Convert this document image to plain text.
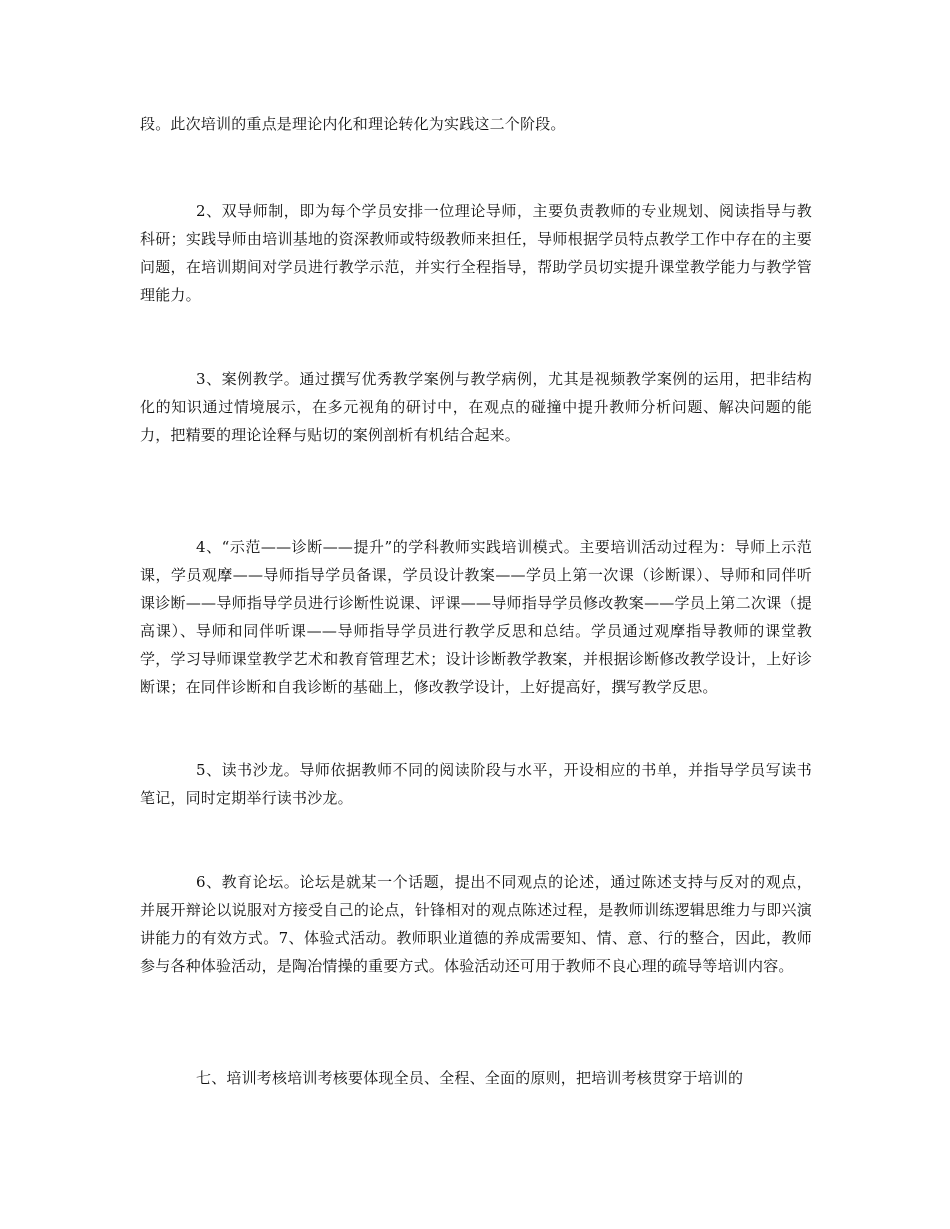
段。此次培训的重点是理论内化和理论转化为实践这二个阶段。

2、双导师制，即为每个学员安排一位理论导师，主要负责教师的专业规划、阅读指导与教科研；实践导师由培训基地的资深教师或特级教师来担任，导师根据学员特点教学工作中存在的主要问题，在培训期间对学员进行教学示范，并实行全程指导，帮助学员切实提升课堂教学能力与教学管理能力。

3、案例教学。通过撰写优秀教学案例与教学病例，尤其是视频教学案例的运用，把非结构化的知识通过情境展示，在多元视角的研讨中，在观点的碰撞中提升教师分析问题、解决问题的能力，把精要的理论诠释与贴切的案例剖析有机结合起来。

4、“示范——诊断——提升”的学科教师实践培训模式。主要培训活动过程为：导师上示范课，学员观摩——导师指导学员备课，学员设计教案——学员上第一次课（诊断课）、导师和同伴听课诊断——导师指导学员进行诊断性说课、评课——导师指导学员修改教案——学员上第二次课（提高课）、导师和同伴听课——导师指导学员进行教学反思和总结。学员通过观摩指导教师的课堂教学，学习导师课堂教学艺术和教育管理艺术；设计诊断教学教案，并根据诊断修改教学设计，上好诊断课；在同伴诊断和自我诊断的基础上，修改教学设计，上好提高好，撰写教学反思。

5、读书沙龙。导师依据教师不同的阅读阶段与水平，开设相应的书单，并指导学员写读书笔记，同时定期举行读书沙龙。

6、教育论坛。论坛是就某一个话题，提出不同观点的论述，通过陈述支持与反对的观点，并展开辩论以说服对方接受自己的论点，针锋相对的观点陈述过程，是教师训练逻辑思维力与即兴演讲能力的有效方式。7、体验式活动。教师职业道德的养成需要知、情、意、行的整合，因此，教师参与各种体验活动，是陶冶情操的重要方式。体验活动还可用于教师不良心理的疏导等培训内容。

七、培训考核培训考核要体现全员、全程、全面的原则，把培训考核贯穿于培训的
